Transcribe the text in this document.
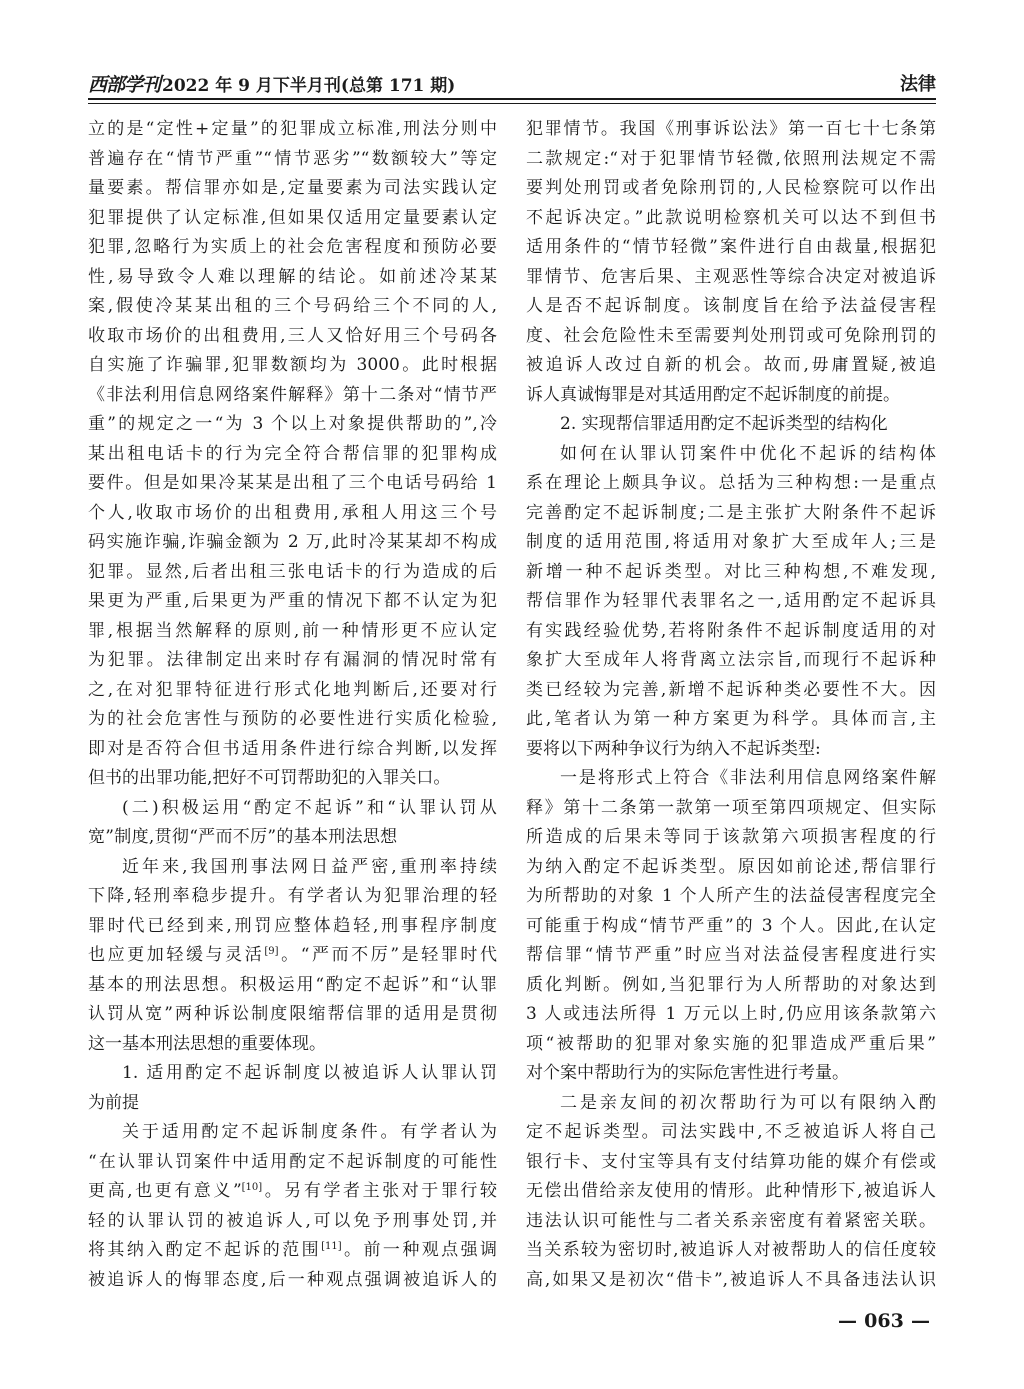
西部学刊 2022 年 9 月下半月刊(总第 171 期)	法律
立的是“定性+定量”的犯罪成立标准,刑法分则中
普遍存在“情节严重”“情节恶劣”“数额较大”等定
量要素。帮信罪亦如是,定量要素为司法实践认定
犯罪提供了认定标准,但如果仅适用定量要素认定
犯罪,忽略行为实质上的社会危害程度和预防必要
性,易导致令人难以理解的结论。如前述冷某某
案,假使冷某某出租的三个号码给三个不同的人,
收取市场价的出租费用,三人又恰好用三个号码各
自实施了诈骗罪,犯罪数额均为 3000。此时根据
《非法利用信息网络案件解释》第十二条对“情节严
重”的规定之一“为 3 个以上对象提供帮助的”,冷
某出租电话卡的行为完全符合帮信罪的犯罪构成
要件。但是如果冷某某是出租了三个电话号码给 1
个人,收取市场价的出租费用,承租人用这三个号
码实施诈骗,诈骗金额为 2 万,此时冷某某却不构成
犯罪。显然,后者出租三张电话卡的行为造成的后
果更为严重,后果更为严重的情况下都不认定为犯
罪,根据当然解释的原则,前一种情形更不应认定
为犯罪。法律制定出来时存有漏洞的情况时常有
之,在对犯罪特征进行形式化地判断后,还要对行
为的社会危害性与预防的必要性进行实质化检验,
即对是否符合但书适用条件进行综合判断,以发挥
但书的出罪功能,把好不可罚帮助犯的入罪关口。
(二)积极运用“酌定不起诉”和“认罪认罚从
宽”制度,贯彻“严而不厉”的基本刑法思想
近年来,我国刑事法网日益严密,重刑率持续
下降,轻刑率稳步提升。有学者认为犯罪治理的轻
罪时代已经到来,刑罚应整体趋轻,刑事程序制度
也应更加轻缓与灵活[9]。“严而不厉”是轻罪时代
基本的刑法思想。积极运用“酌定不起诉”和“认罪
认罚从宽”两种诉讼制度限缩帮信罪的适用是贯彻
这一基本刑法思想的重要体现。
1. 适用酌定不起诉制度以被追诉人认罪认罚
为前提
关于适用酌定不起诉制度条件。有学者认为
“在认罪认罚案件中适用酌定不起诉制度的可能性
更高,也更有意义”[10]。另有学者主张对于罪行较
轻的认罪认罚的被追诉人,可以免予刑事处罚,并
将其纳入酌定不起诉的范围[11]。前一种观点强调
被追诉人的悔罪态度,后一种观点强调被追诉人的
犯罪情节。我国《刑事诉讼法》第一百七十七条第
二款规定:“对于犯罪情节轻微,依照刑法规定不需
要判处刑罚或者免除刑罚的,人民检察院可以作出
不起诉决定。”此款说明检察机关可以达不到但书
适用条件的“情节轻微”案件进行自由裁量,根据犯
罪情节、危害后果、主观恶性等综合决定对被追诉
人是否不起诉制度。该制度旨在给予法益侵害程
度、社会危险性未至需要判处刑罚或可免除刑罚的
被追诉人改过自新的机会。故而,毋庸置疑,被追
诉人真诚悔罪是对其适用酌定不起诉制度的前提。
2. 实现帮信罪适用酌定不起诉类型的结构化
如何在认罪认罚案件中优化不起诉的结构体
系在理论上颇具争议。总括为三种构想:一是重点
完善酌定不起诉制度;二是主张扩大附条件不起诉
制度的适用范围,将适用对象扩大至成年人;三是
新增一种不起诉类型。对比三种构想,不难发现,
帮信罪作为轻罪代表罪名之一,适用酌定不起诉具
有实践经验优势,若将附条件不起诉制度适用的对
象扩大至成年人将背离立法宗旨,而现行不起诉种
类已经较为完善,新增不起诉种类必要性不大。因
此,笔者认为第一种方案更为科学。具体而言,主
要将以下两种争议行为纳入不起诉类型:
一是将形式上符合《非法利用信息网络案件解
释》第十二条第一款第一项至第四项规定、但实际
所造成的后果未等同于该款第六项损害程度的行
为纳入酌定不起诉类型。原因如前论述,帮信罪行
为所帮助的对象 1 个人所产生的法益侵害程度完全
可能重于构成“情节严重”的 3 个人。因此,在认定
帮信罪“情节严重”时应当对法益侵害程度进行实
质化判断。例如,当犯罪行为人所帮助的对象达到
3 人或违法所得 1 万元以上时,仍应用该条款第六
项“被帮助的犯罪对象实施的犯罪造成严重后果”
对个案中帮助行为的实际危害性进行考量。
二是亲友间的初次帮助行为可以有限纳入酌
定不起诉类型。司法实践中,不乏被追诉人将自己
银行卡、支付宝等具有支付结算功能的媒介有偿或
无偿出借给亲友使用的情形。此种情形下,被追诉人
违法认识可能性与二者关系亲密度有着紧密关联。
当关系较为密切时,被追诉人对被帮助人的信任度较
高,如果又是初次“借卡”,被追诉人不具备违法认识
— 063 —
